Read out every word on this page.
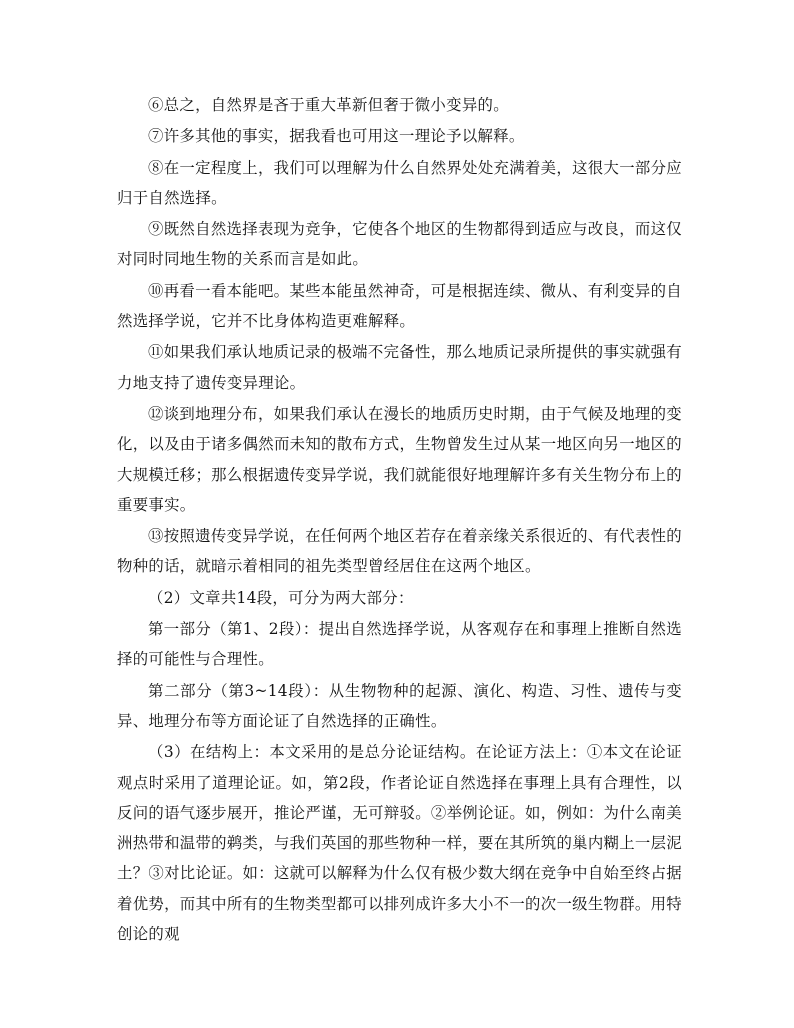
⑥总之，自然界是吝于重大革新但奢于微小变异的。

⑦许多其他的事实，据我看也可用这一理论予以解释。

⑧在一定程度上，我们可以理解为什么自然界处处充满着美，这很大一部分应归于自然选择。

⑨既然自然选择表现为竞争，它使各个地区的生物都得到适应与改良，而这仅对同时同地生物的关系而言是如此。

⑩再看一看本能吧。某些本能虽然神奇，可是根据连续、微从、有利变异的自然选择学说，它并不比身体构造更难解释。

⑪如果我们承认地质记录的极端不完备性，那么地质记录所提供的事实就强有力地支持了遗传变异理论。

⑫谈到地理分布，如果我们承认在漫长的地质历史时期，由于气候及地理的变化，以及由于诸多偶然而未知的散布方式，生物曾发生过从某一地区向另一地区的大规模迁移；那么根据遗传变异学说，我们就能很好地理解许多有关生物分布上的重要事实。

⑬按照遗传变异学说，在任何两个地区若存在着亲缘关系很近的、有代表性的物种的话，就暗示着相同的祖先类型曾经居住在这两个地区。

（2）文章共14段，可分为两大部分：

第一部分（第1、2段）：提出自然选择学说，从客观存在和事理上推断自然选择的可能性与合理性。

第二部分（第3~14段）：从生物物种的起源、演化、构造、习性、遗传与变异、地理分布等方面论证了自然选择的正确性。

（3）在结构上：本文采用的是总分论证结构。在论证方法上：①本文在论证观点时采用了道理论证。如，第2段，作者论证自然选择在事理上具有合理性，以反问的语气逐步展开，推论严谨，无可辩驳。②举例论证。如，例如：为什么南美洲热带和温带的鹈类，与我们英国的那些物种一样，要在其所筑的巢内糊上一层泥土？③对比论证。如：这就可以解释为什么仅有极少数大纲在竞争中自始至终占据着优势，而其中所有的生物类型都可以排列成许多大小不一的次一级生物群。用特创论的观
